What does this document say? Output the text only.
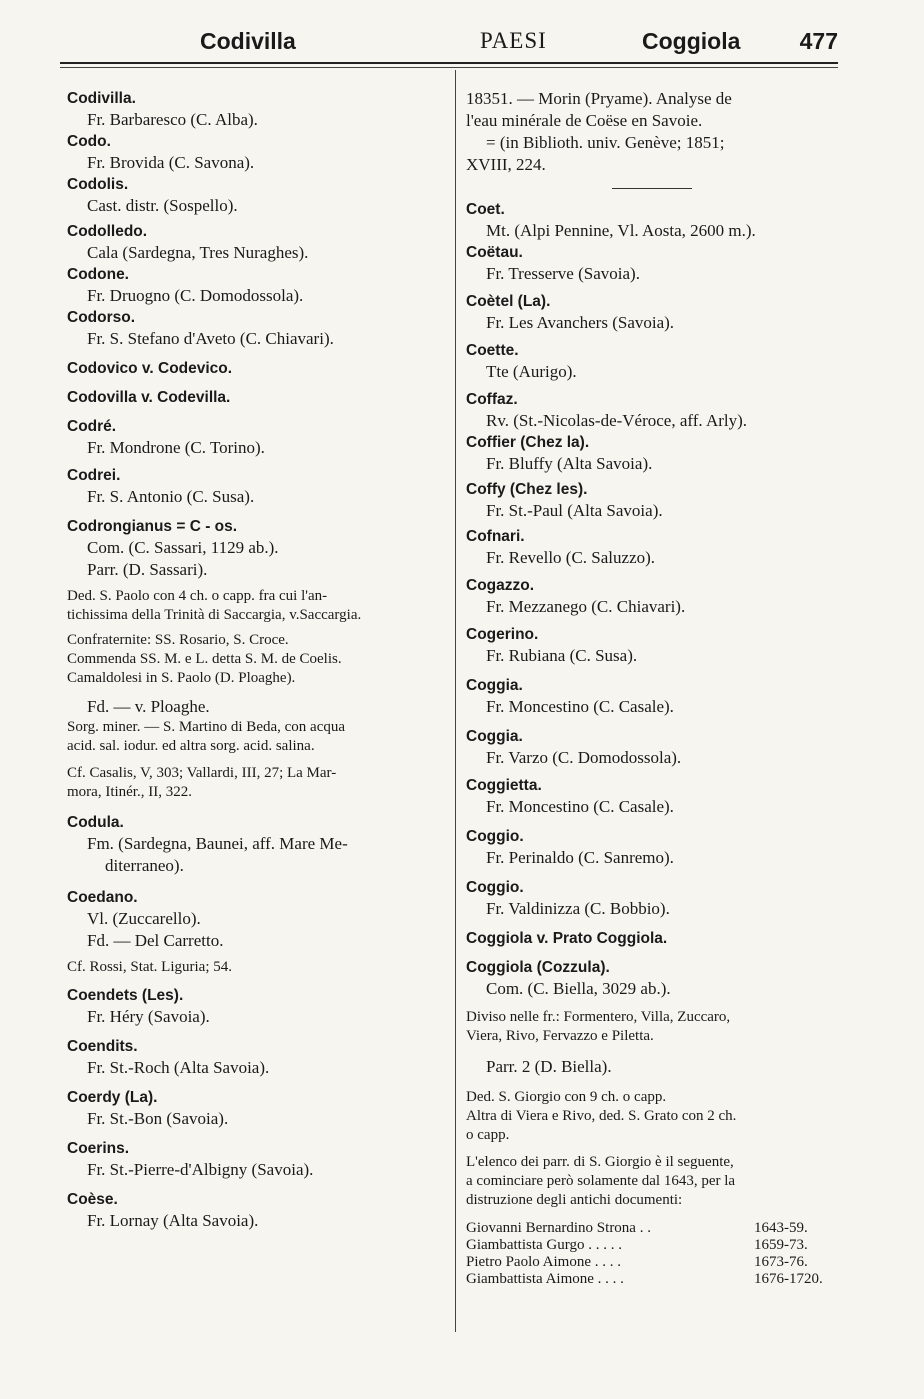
Codivilla	PAESI	Coggiola	477
Codivilla.
Fr. Barbaresco (C. Alba).
Codo.
Fr. Brovida (C. Savona).
Codolis.
Cast. distr. (Sospello).
Codolledo.
Cala (Sardegna, Tres Nuraghes).
Codone.
Fr. Druogno (C. Domodossola).
Codorso.
Fr. S. Stefano d'Aveto (C. Chiavari).
Codovico v. Codevico.
Codovilla v. Codevilla.
Codré.
Fr. Mondrone (C. Torino).
Codrei.
Fr. S. Antonio (C. Susa).
Codrongianus = C - os.
Com. (C. Sassari, 1129 ab.).
Parr. (D. Sassari).
Ded. S. Paolo con 4 ch. o capp. fra cui l'an-
tichissima della Trinità di Saccargia, v.Saccargia.
Confraternite: SS. Rosario, S. Croce.
Commenda SS. M. e L. detta S. M. de Coelis.
Camaldolesi in S. Paolo (D. Ploaghe).
Fd. — v. Ploaghe.
Sorg. miner. — S. Martino di Beda, con acqua
acid. sal. iodur. ed altra sorg. acid. salina.
Cf. Casalis, V, 303; Vallardi, III, 27; La Mar-
mora, Itinér., II, 322.
Codula.
Fm. (Sardegna, Baunei, aff. Mare Me-
diterraneo).
Coedano.
Vl. (Zuccarello).
Fd. — Del Carretto.
Cf. Rossi, Stat. Liguria; 54.
Coendets (Les).
Fr. Héry (Savoia).
Coendits.
Fr. St.-Roch (Alta Savoia).
Coerdy (La).
Fr. St.-Bon (Savoia).
Coerins.
Fr. St.-Pierre-d'Albigny (Savoia).
Coèse.
Fr. Lornay (Alta Savoia).
18351. — Morin (Pryame). Analyse de
l'eau minérale de Coëse en Savoie.
= (in Biblioth. univ. Genève; 1851;
XVIII, 224.
Coet.
Mt. (Alpi Pennine, Vl. Aosta, 2600 m.).
Coëtau.
Fr. Tresserve (Savoia).
Coètel (La).
Fr. Les Avanchers (Savoia).
Coette.
Tte (Aurigo).
Coffaz.
Rv. (St.-Nicolas-de-Véroce, aff. Arly).
Coffier (Chez la).
Fr. Bluffy (Alta Savoia).
Coffy (Chez les).
Fr. St.-Paul (Alta Savoia).
Cofnari.
Fr. Revello (C. Saluzzo).
Cogazzo.
Fr. Mezzanego (C. Chiavari).
Cogerino.
Fr. Rubiana (C. Susa).
Coggia.
Fr. Moncestino (C. Casale).
Coggia.
Fr. Varzo (C. Domodossola).
Coggietta.
Fr. Moncestino (C. Casale).
Coggio.
Fr. Perinaldo (C. Sanremo).
Coggio.
Fr. Valdinizza (C. Bobbio).
Coggiola v. Prato Coggiola.
Coggiola (Cozzula).
Com. (C. Biella, 3029 ab.).
Diviso nelle fr.: Formentero, Villa, Zuccaro,
Viera, Rivo, Fervazzo e Piletta.
Parr. 2 (D. Biella).
Ded. S. Giorgio con 9 ch. o capp.
Altra di Viera e Rivo, ded. S. Grato con 2 ch.
o capp.
L'elenco dei parr. di S. Giorgio è il seguente,
a cominciare però solamente dal 1643, per la
distruzione degli antichi documenti:
Giovanni Bernardino Strona . .	1643-59.
Giambattista Gurgo . . . . .	1659-73.
Pietro Paolo Aimone . . . .	1673-76.
Giambattista Aimone . . . .	1676-1720.
